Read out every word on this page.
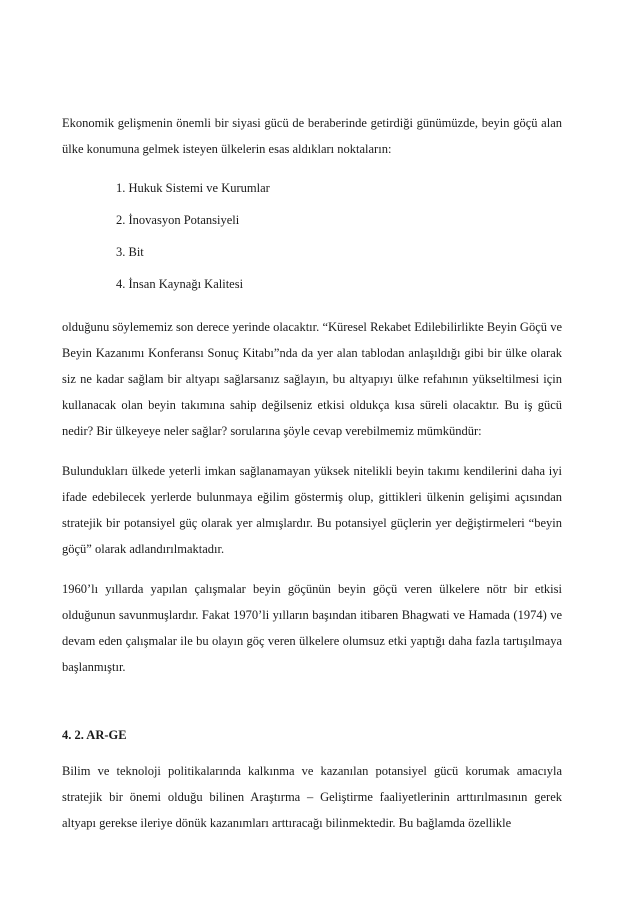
Ekonomik gelişmenin önemli bir siyasi gücü de beraberinde getirdiği günümüzde, beyin göçü alan ülke konumuna gelmek isteyen ülkelerin esas aldıkları noktaların:

1. Hukuk Sistemi ve Kurumlar
2. İnovasyon Potansiyeli
3. Bit
4. İnsan Kaynağı Kalitesi

olduğunu söylememiz son derece yerinde olacaktır. “Küresel Rekabet Edilebilirlikte Beyin Göçü ve Beyin Kazanımı Konferansı Sonuç Kitabı”nda da yer alan tablodan anlaşıldığı gibi bir ülke olarak siz ne kadar sağlam bir altyapı sağlarsanız sağlayın, bu altyapıyı ülke refahının yükseltilmesi için kullanacak olan beyin takımına sahip değilseniz etkisi oldukça kısa süreli olacaktır. Bu iş gücü nedir? Bir ülkeyeye neler sağlar? sorularına şöyle cevap verebilmemiz mümkündür:

Bulundukları ülkede yeterli imkan sağlanamayan yüksek nitelikli beyin takımı kendilerini daha iyi ifade edebilecek yerlerde bulunmaya eğilim göstermiş olup, gittikleri ülkenin gelişimi açısından stratejik bir potansiyel güç olarak yer almışlardır. Bu potansiyel güçlerin yer değiştirmeleri “beyin göçü” olarak adlandırılmaktadır.

1960’lı yıllarda yapılan çalışmalar beyin göçünün beyin göçü veren ülkelere nötr bir etkisi olduğunun savunmuşlardır. Fakat 1970’li yılların başından itibaren Bhagwati ve Hamada (1974) ve devam eden çalışmalar ile bu olayın göç veren ülkelere olumsuz etki yaptığı daha fazla tartışılmaya başlanmıştır.

4. 2. AR-GE

Bilim ve teknoloji politikalarında kalkınma ve kazanılan potansiyel gücü korumak amacıyla stratejik bir önemi olduğu bilinen Araştırma – Geliştirme faaliyetlerinin arttırılmasının gerek altyapı gerekse ileriye dönük kazanımları arttıracağı bilinmektedir. Bu bağlamda özellikle
